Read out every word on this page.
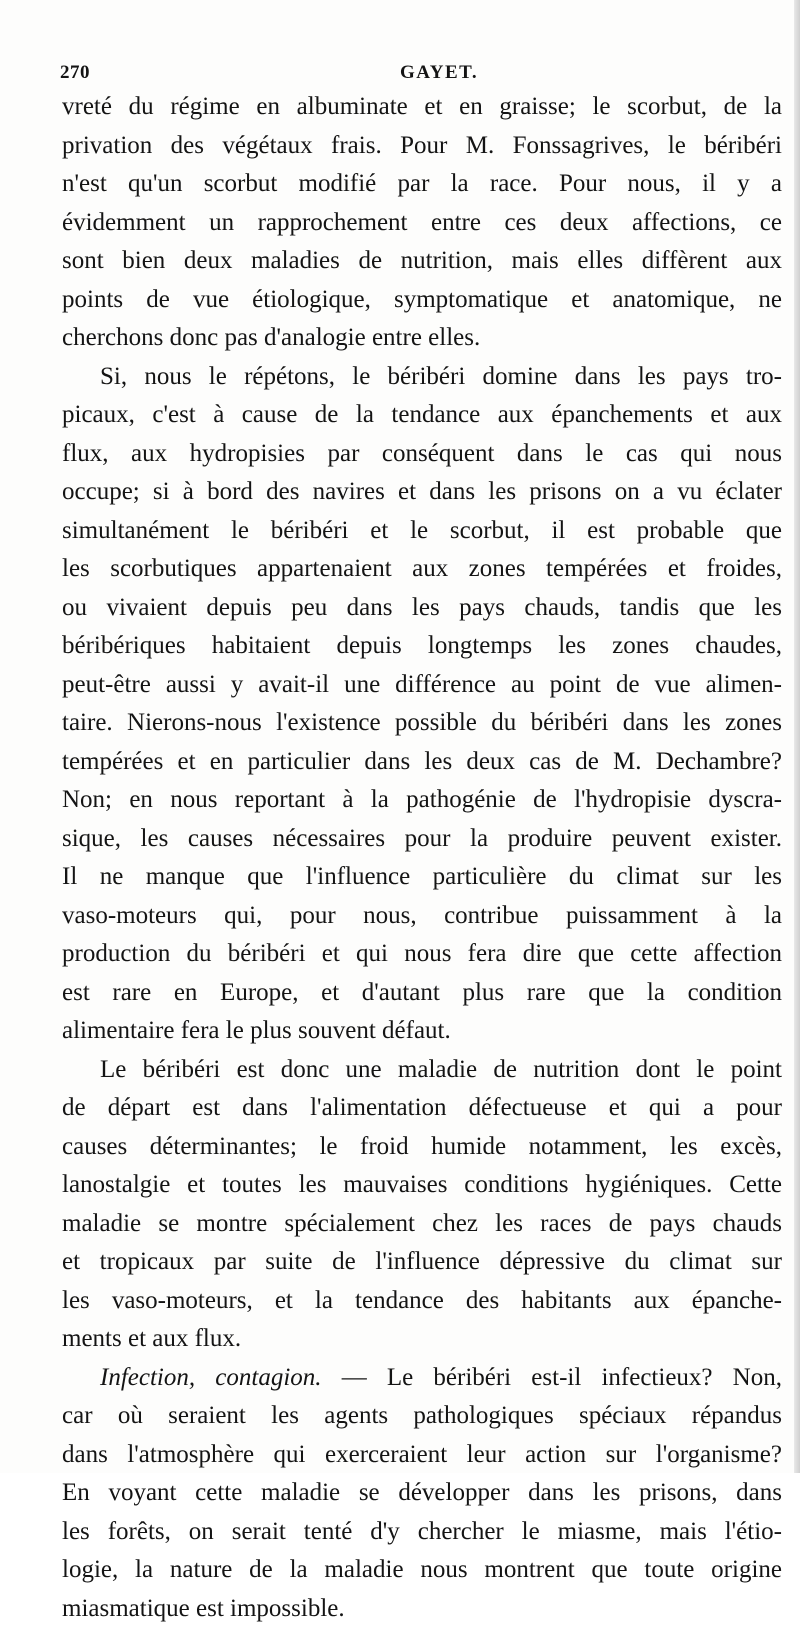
270	GAYET.
vreté du régime en albuminate et en graisse; le scorbut, de la
privation des végétaux frais. Pour M. Fonssagrives, le béribéri
n'est qu'un scorbut modifié par la race. Pour nous, il y a
évidemment un rapprochement entre ces deux affections, ce
sont bien deux maladies de nutrition, mais elles diffèrent aux
points de vue étiologique, symptomatique et anatomique, ne
cherchons donc pas d'analogie entre elles.
Si, nous le répétons, le béribéri domine dans les pays tro-
picaux, c'est à cause de la tendance aux épanchements et aux
flux, aux hydropisies par conséquent dans le cas qui nous
occupe; si à bord des navires et dans les prisons on a vu éclater
simultanément le béribéri et le scorbut, il est probable que
les scorbutiques appartenaient aux zones tempérées et froides,
ou vivaient depuis peu dans les pays chauds, tandis que les
béribériques habitaient depuis longtemps les zones chaudes,
peut-être aussi y avait-il une différence au point de vue alimen-
taire. Nierons-nous l'existence possible du béribéri dans les zones
tempérées et en particulier dans les deux cas de M. Dechambre?
Non; en nous reportant à la pathogénie de l'hydropisie dyscra-
sique, les causes nécessaires pour la produire peuvent exister.
Il ne manque que l'influence particulière du climat sur les
vaso-moteurs qui, pour nous, contribue puissamment à la
production du béribéri et qui nous fera dire que cette affection
est rare en Europe, et d'autant plus rare que la condition
alimentaire fera le plus souvent défaut.
Le béribéri est donc une maladie de nutrition dont le point
de départ est dans l'alimentation défectueuse et qui a pour
causes déterminantes; le froid humide notamment, les excès,
lanostalgie et toutes les mauvaises conditions hygiéniques. Cette
maladie se montre spécialement chez les races de pays chauds
et tropicaux par suite de l'influence dépressive du climat sur
les vaso-moteurs, et la tendance des habitants aux épanche-
ments et aux flux.
Infection, contagion. — Le béribéri est-il infectieux? Non,
car où seraient les agents pathologiques spéciaux répandus
dans l'atmosphère qui exerceraient leur action sur l'organisme?
En voyant cette maladie se développer dans les prisons, dans
les forêts, on serait tenté d'y chercher le miasme, mais l'étio-
logie, la nature de la maladie nous montrent que toute origine
miasmatique est impossible.
